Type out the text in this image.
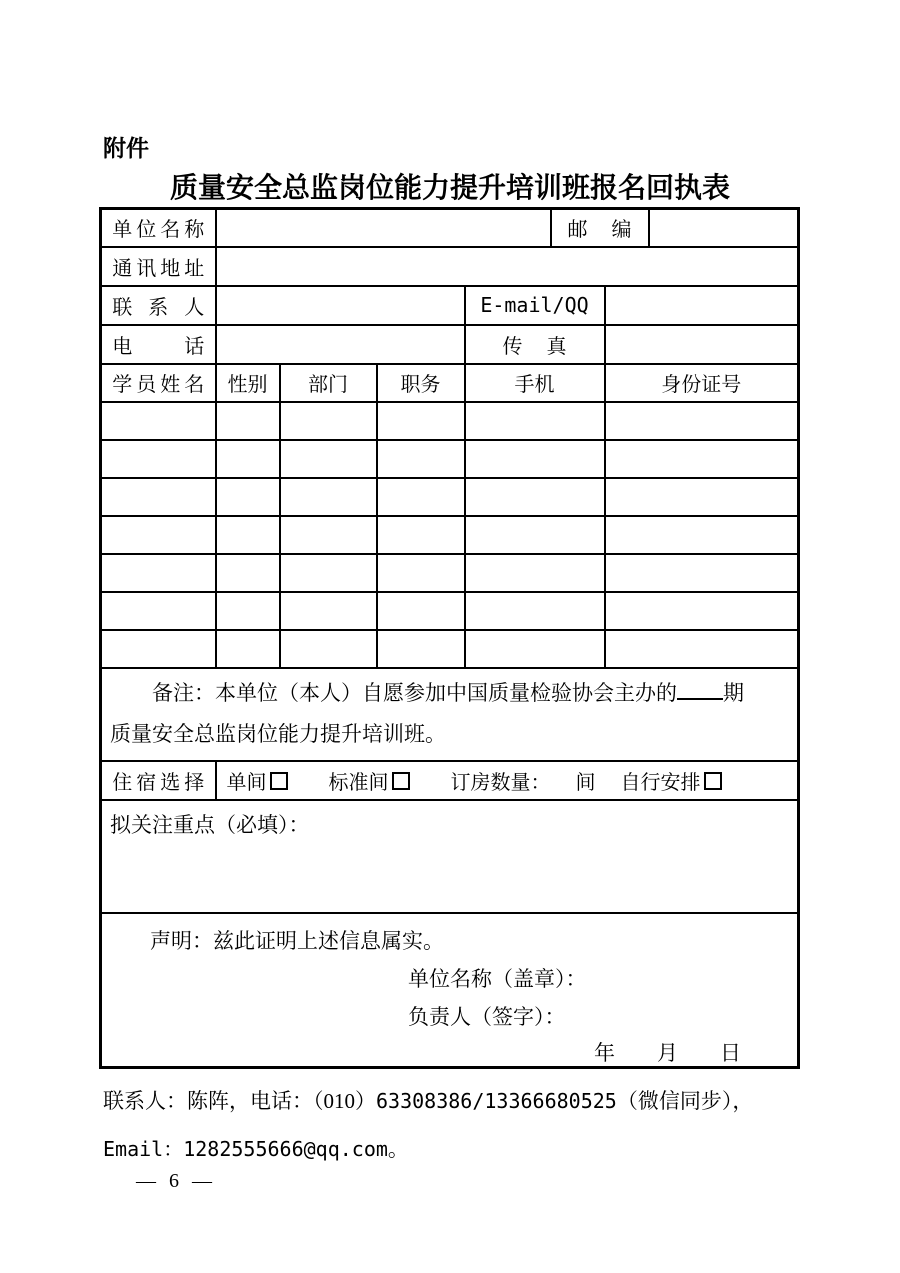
附件
质量安全总监岗位能力提升培训班报名回执表
单位名称					邮编		
通讯地址							
联系人				E-mail/QQ			
电话				传真			
学员姓名	性别	部门	职务	手机		身份证号	

备注：本单位（本人）自愿参加中国质量检验协会主办的 期
质量安全总监岗位能力提升培训班。							

住宿选择	单间 标准间 订房数量： 间 自行安排						

拟关注重点（必填）：							

声明：兹此证明上述信息属实。
单位名称（盖章）：
负责人（签字）：
年　　月　　日							
联系人：陈阵，电话：（010）63308386/13366680525（微信同步），
Email：1282555666@qq.com。
— 6 —
